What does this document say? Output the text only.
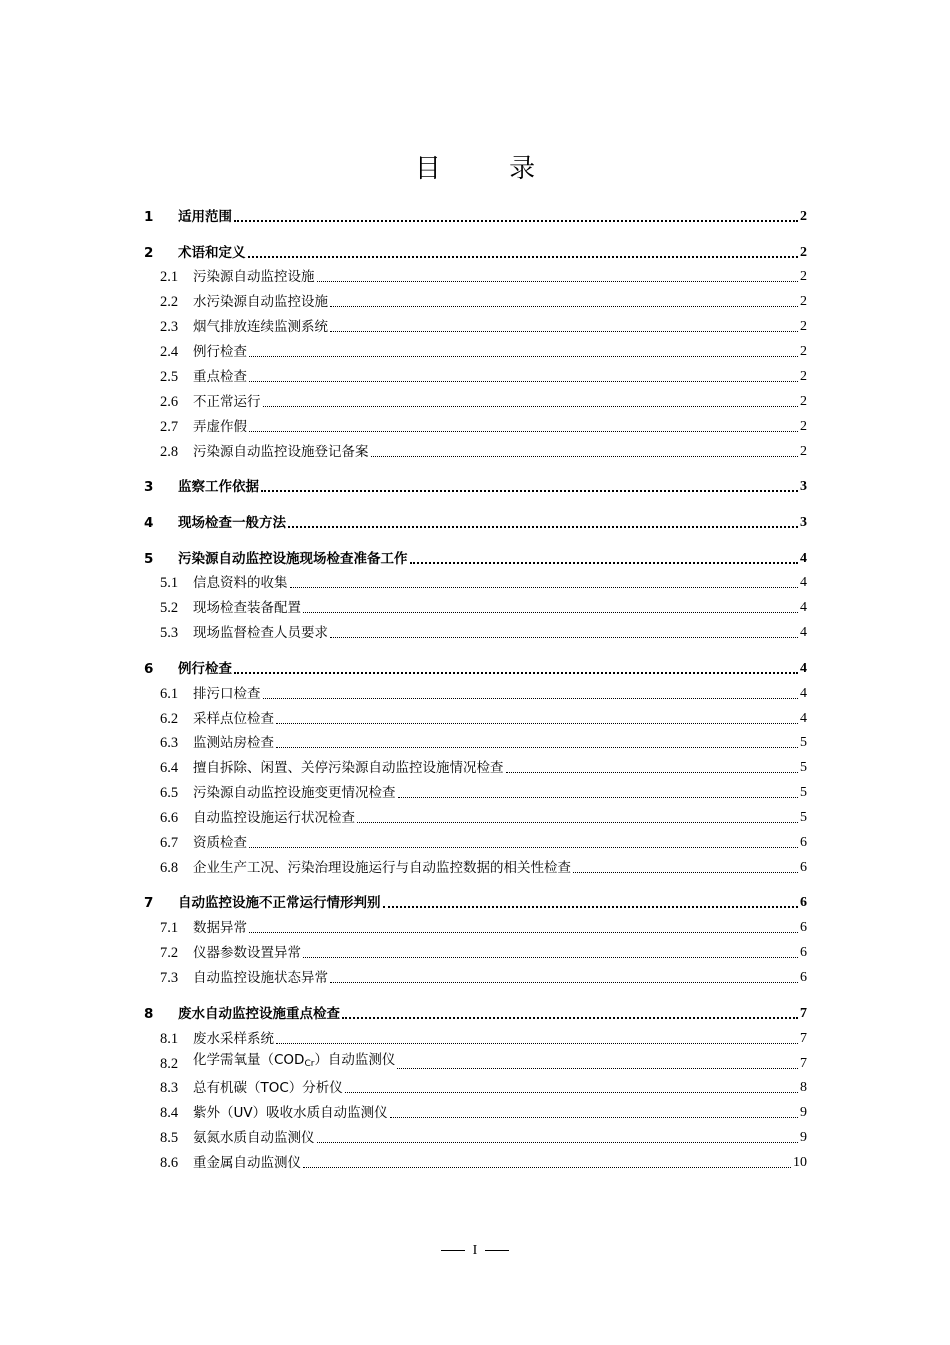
目 录
1	适用范围	2
2	术语和定义	2
2.1	污染源自动监控设施	2
2.2	水污染源自动监控设施	2
2.3	烟气排放连续监测系统	2
2.4	例行检查	2
2.5	重点检查	2
2.6	不正常运行	2
2.7	弄虚作假	2
2.8	污染源自动监控设施登记备案	2
3	监察工作依据	3
4	现场检查一般方法	3
5	污染源自动监控设施现场检查准备工作	4
5.1	信息资料的收集	4
5.2	现场检查装备配置	4
5.3	现场监督检查人员要求	4
6	例行检查	4
6.1	排污口检查	4
6.2	采样点位检查	4
6.3	监测站房检查	5
6.4	擅自拆除、闲置、关停污染源自动监控设施情况检查	5
6.5	污染源自动监控设施变更情况检查	5
6.6	自动监控设施运行状况检查	5
6.7	资质检查	6
6.8	企业生产工况、污染治理设施运行与自动监控数据的相关性检查	6
7	自动监控设施不正常运行情形判别	6
7.1	数据异常	6
7.2	仪器参数设置异常	6
7.3	自动监控设施状态异常	6
8	废水自动监控设施重点检查	7
8.1	废水采样系统	7
8.2	化学需氧量$(COD_{Cr})$自动监测仪	7
8.3	总有机碳（TOC）分析仪	8
8.4	紫外（UV）吸收水质自动监测仪	9
8.5	氨氮水质自动监测仪	9
8.6	重金属自动监测仪	10
I
